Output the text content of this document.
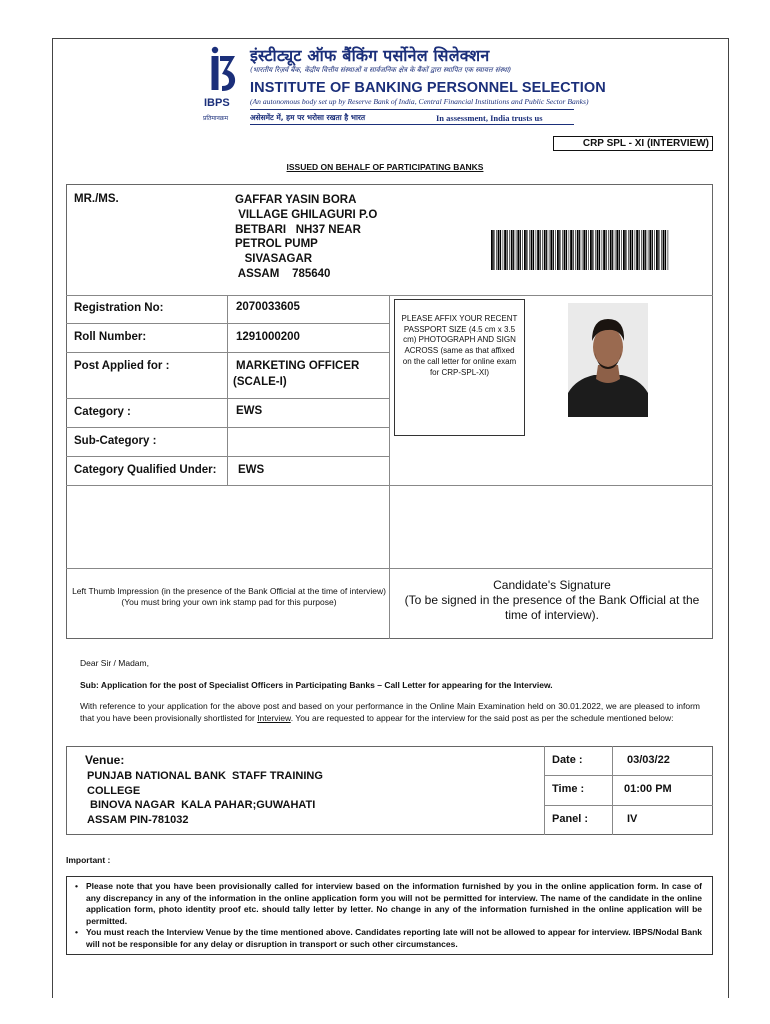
IBPS
प्रतिमानक्रम
इंस्टीट्यूट ऑफ बैंकिंग पर्सोनेल सिलेक्शन
(भारतीय रिज़र्व बैंक, केंद्रीय वित्तीय संस्थाओं व सार्वजनिक क्षेत्र के बैंकों द्वारा स्थापित एक स्वायत्त संस्था)
INSTITUTE OF BANKING PERSONNEL SELECTION
(An autonomous body set up by Reserve Bank of India, Central Financial Institutions and Public Sector Banks)
असेसमेंट में, हम पर भरोसा रखता है भारत	In assessment, India trusts us
CRP SPL - XI (INTERVIEW)
ISSUED ON BEHALF OF PARTICIPATING BANKS
MR./MS.	GAFFAR YASIN BORA
VILLAGE GHILAGURI P.O
BETBARI   NH37 NEAR
PETROL PUMP
SIVASAGAR
ASSAM    785640
Registration No:	2070033605
Roll Number:	1291000200
Post Applied for :	MARKETING OFFICER
(SCALE-I)
Category :	EWS
Sub-Category :
Category Qualified Under: EWS
PLEASE AFFIX YOUR RECENT PASSPORT SIZE (4.5 cm x 3.5 cm) PHOTOGRAPH AND SIGN ACROSS (same as that affixed on the call letter for online exam for CRP-SPL-XI)
Left Thumb Impression (in the presence of the Bank Official at the time of interview)
(You must bring your own ink stamp pad for this purpose)
Candidate's Signature
(To be signed in the presence of the Bank Official at the time of interview).
Dear Sir / Madam,
Sub: Application for the post of Specialist Officers in Participating Banks – Call Letter for appearing for the Interview.
With reference to your application for the above post and based on your performance in the Online Main Examination held on 30.01.2022, we are pleased to inform that you have been provisionally shortlisted for Interview. You are requested to appear for the interview for the said post as per the schedule mentioned below:
Venue:
PUNJAB NATIONAL BANK  STAFF TRAINING
COLLEGE
BINOVA NAGAR  KALA PAHAR;GUWAHATI
ASSAM PIN-781032
Date :	03/03/22
Time :	01:00 PM
Panel :	IV
Important :
• Please note that you have been provisionally called for interview based on the information furnished by you in the online application form. In case of any discrepancy in any of the information in the online application form you will not be permitted for interview. The name of the candidate in the online application form, photo identity proof etc. should tally letter by letter. No change in any of the information furnished in the online application will be permitted.
• You must reach the Interview Venue by the time mentioned above. Candidates reporting late will not be allowed to appear for interview. IBPS/Nodal Bank will not be responsible for any delay or disruption in transport or such other circumstances.
